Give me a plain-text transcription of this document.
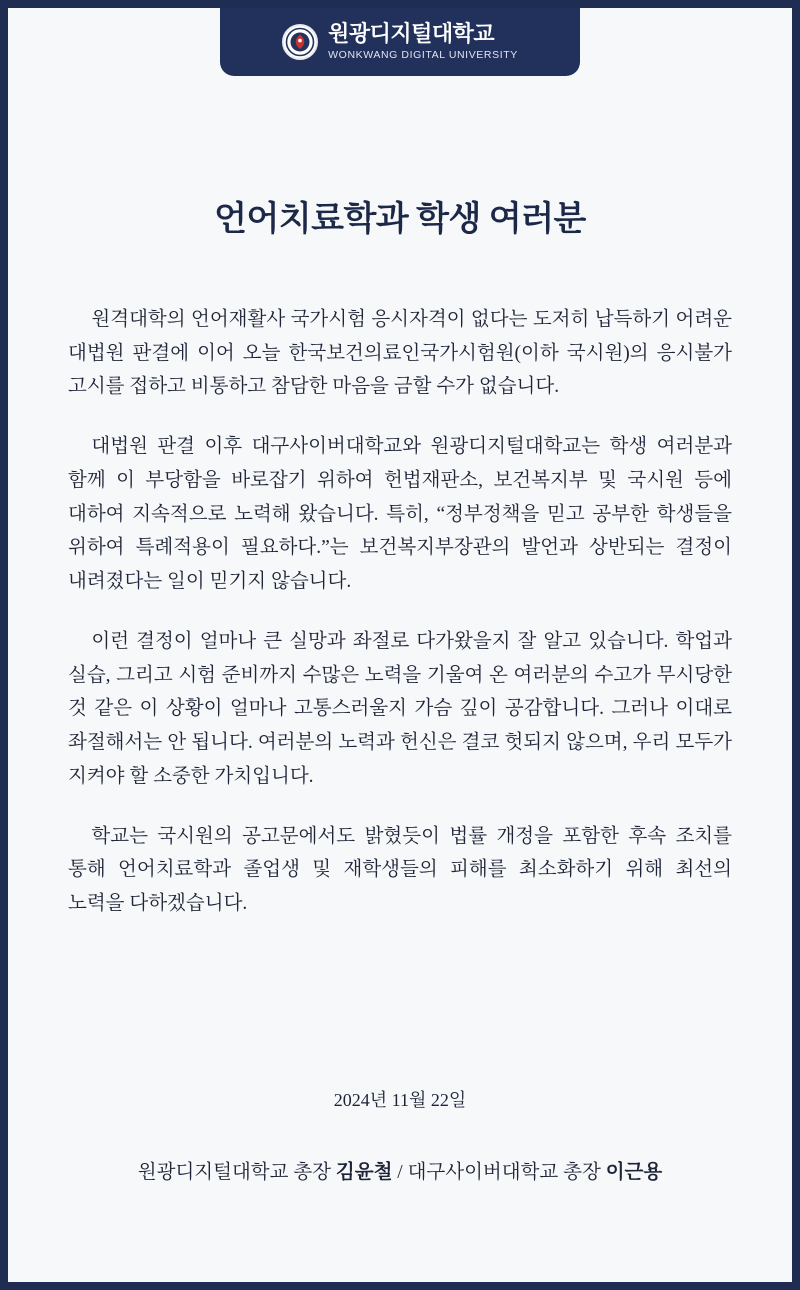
원광디지털대학교
WONKWANG DIGITAL UNIVERSITY
언어치료학과 학생 여러분

원격대학의 언어재활사 국가시험 응시자격이 없다는 도저히 납득하기 어려운 대법원 판결에 이어 오늘 한국보건의료인국가시험원(이하 국시원)의 응시불가 고시를 접하고 비통하고 참담한 마음을 금할 수가 없습니다.

대법원 판결 이후 대구사이버대학교와 원광디지털대학교는 학생 여러분과 함께 이 부당함을 바로잡기 위하여 헌법재판소, 보건복지부 및 국시원 등에 대하여 지속적으로 노력해 왔습니다. 특히, “정부정책을 믿고 공부한 학생들을 위하여 특례적용이 필요하다.”는 보건복지부장관의 발언과 상반되는 결정이 내려졌다는 일이 믿기지 않습니다.

이런 결정이 얼마나 큰 실망과 좌절로 다가왔을지 잘 알고 있습니다. 학업과 실습, 그리고 시험 준비까지 수많은 노력을 기울여 온 여러분의 수고가 무시당한 것 같은 이 상황이 얼마나 고통스러울지 가슴 깊이 공감합니다. 그러나 이대로 좌절해서는 안 됩니다. 여러분의 노력과 헌신은 결코 헛되지 않으며, 우리 모두가 지켜야 할 소중한 가치입니다.

학교는 국시원의 공고문에서도 밝혔듯이 법률 개정을 포함한 후속 조치를 통해 언어치료학과 졸업생 및 재학생들의 피해를 최소화하기 위해 최선의 노력을 다하겠습니다.

2024년 11월 22일
원광디지털대학교 총장 김윤철 / 대구사이버대학교 총장 이근용
